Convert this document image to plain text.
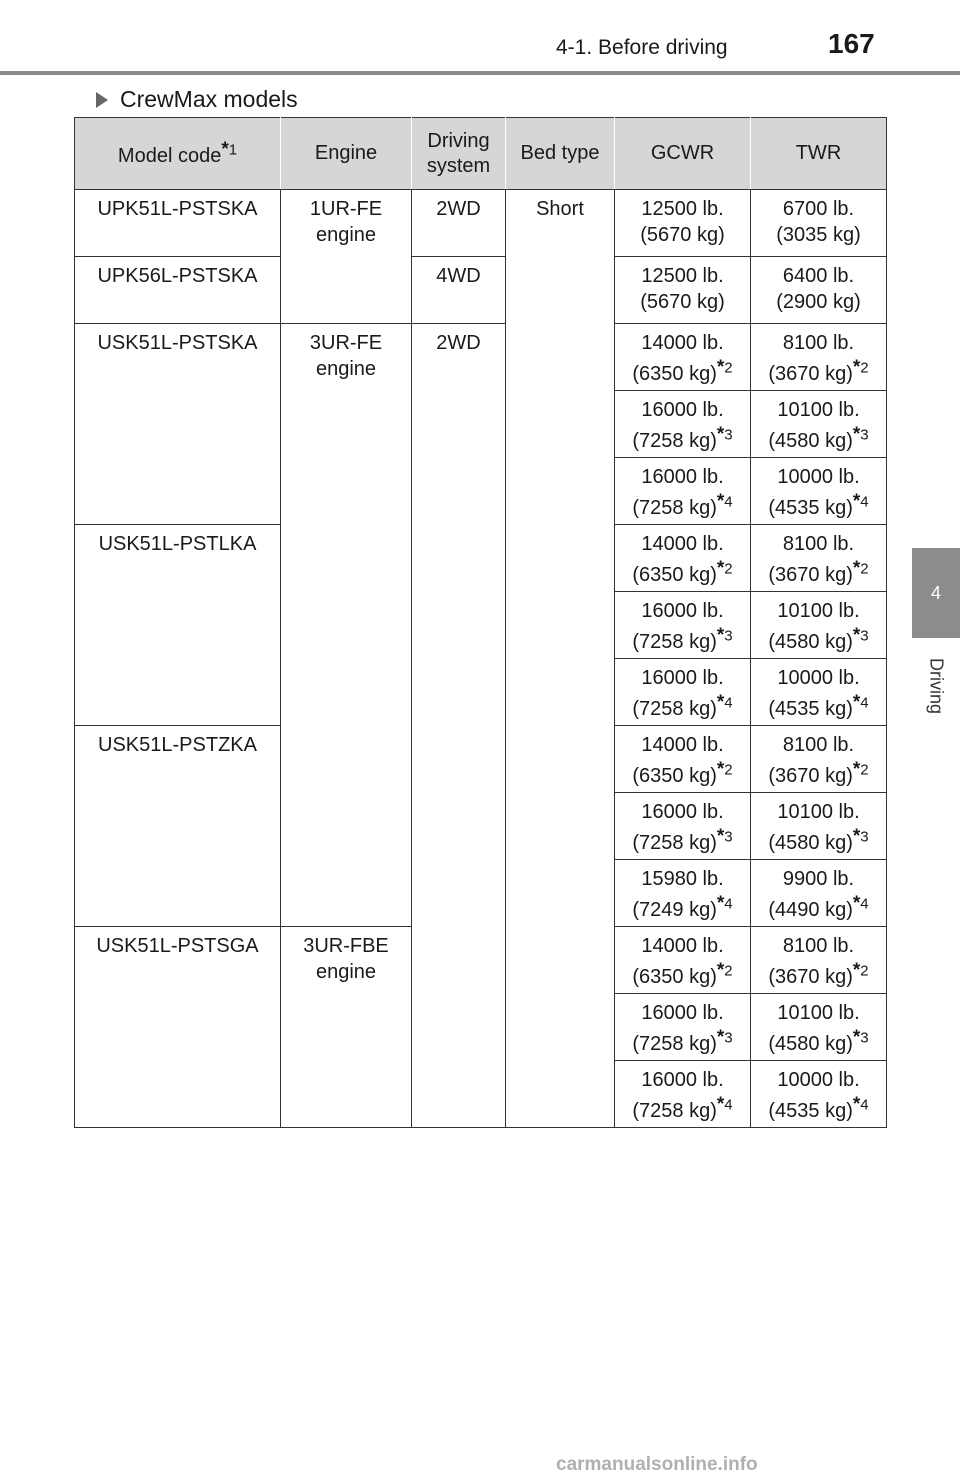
4-1. Before driving	167
4
Driving
CrewMax models
Model code*$^1$	Engine	Driving
system	Bed type	GCWR	TWR
UPK51L-PSTSKA	1UR-FE
engine	2WD	Short	12500 lb.
(5670 kg)	6700 lb.
(3035 kg)

UPK56L-PSTSKA		4WD		12500 lb.
(5670 kg)	6400 lb.
(2900 kg)

USK51L-PSTSKA	3UR-FE
engine	2WD		14000 lb.
(6350 kg)*$^2$	8100 lb.
(3670 kg)*$^2$

				16000 lb.
(7258 kg)*$^3$	10100 lb.
(4580 kg)*$^3$

				16000 lb.
(7258 kg)*$^4$	10000 lb.
(4535 kg)*$^4$

USK51L-PSTLKA				14000 lb.
(6350 kg)*$^2$	8100 lb.
(3670 kg)*$^2$

				16000 lb.
(7258 kg)*$^3$	10100 lb.
(4580 kg)*$^3$

				16000 lb.
(7258 kg)*$^4$	10000 lb.
(4535 kg)*$^4$

USK51L-PSTZKA				14000 lb.
(6350 kg)*$^2$	8100 lb.
(3670 kg)*$^2$

				16000 lb.
(7258 kg)*$^3$	10100 lb.
(4580 kg)*$^3$

				15980 lb.
(7249 kg)*$^4$	9900 lb.
(4490 kg)*$^4$

USK51L-PSTSGA	3UR-FBE
engine			14000 lb.
(6350 kg)*$^2$	8100 lb.
(3670 kg)*$^2$

				16000 lb.
(7258 kg)*$^3$	10100 lb.
(4580 kg)*$^3$

				16000 lb.
(7258 kg)*$^4$	10000 lb.
(4535 kg)*$^4$
carmanualsonline.info
